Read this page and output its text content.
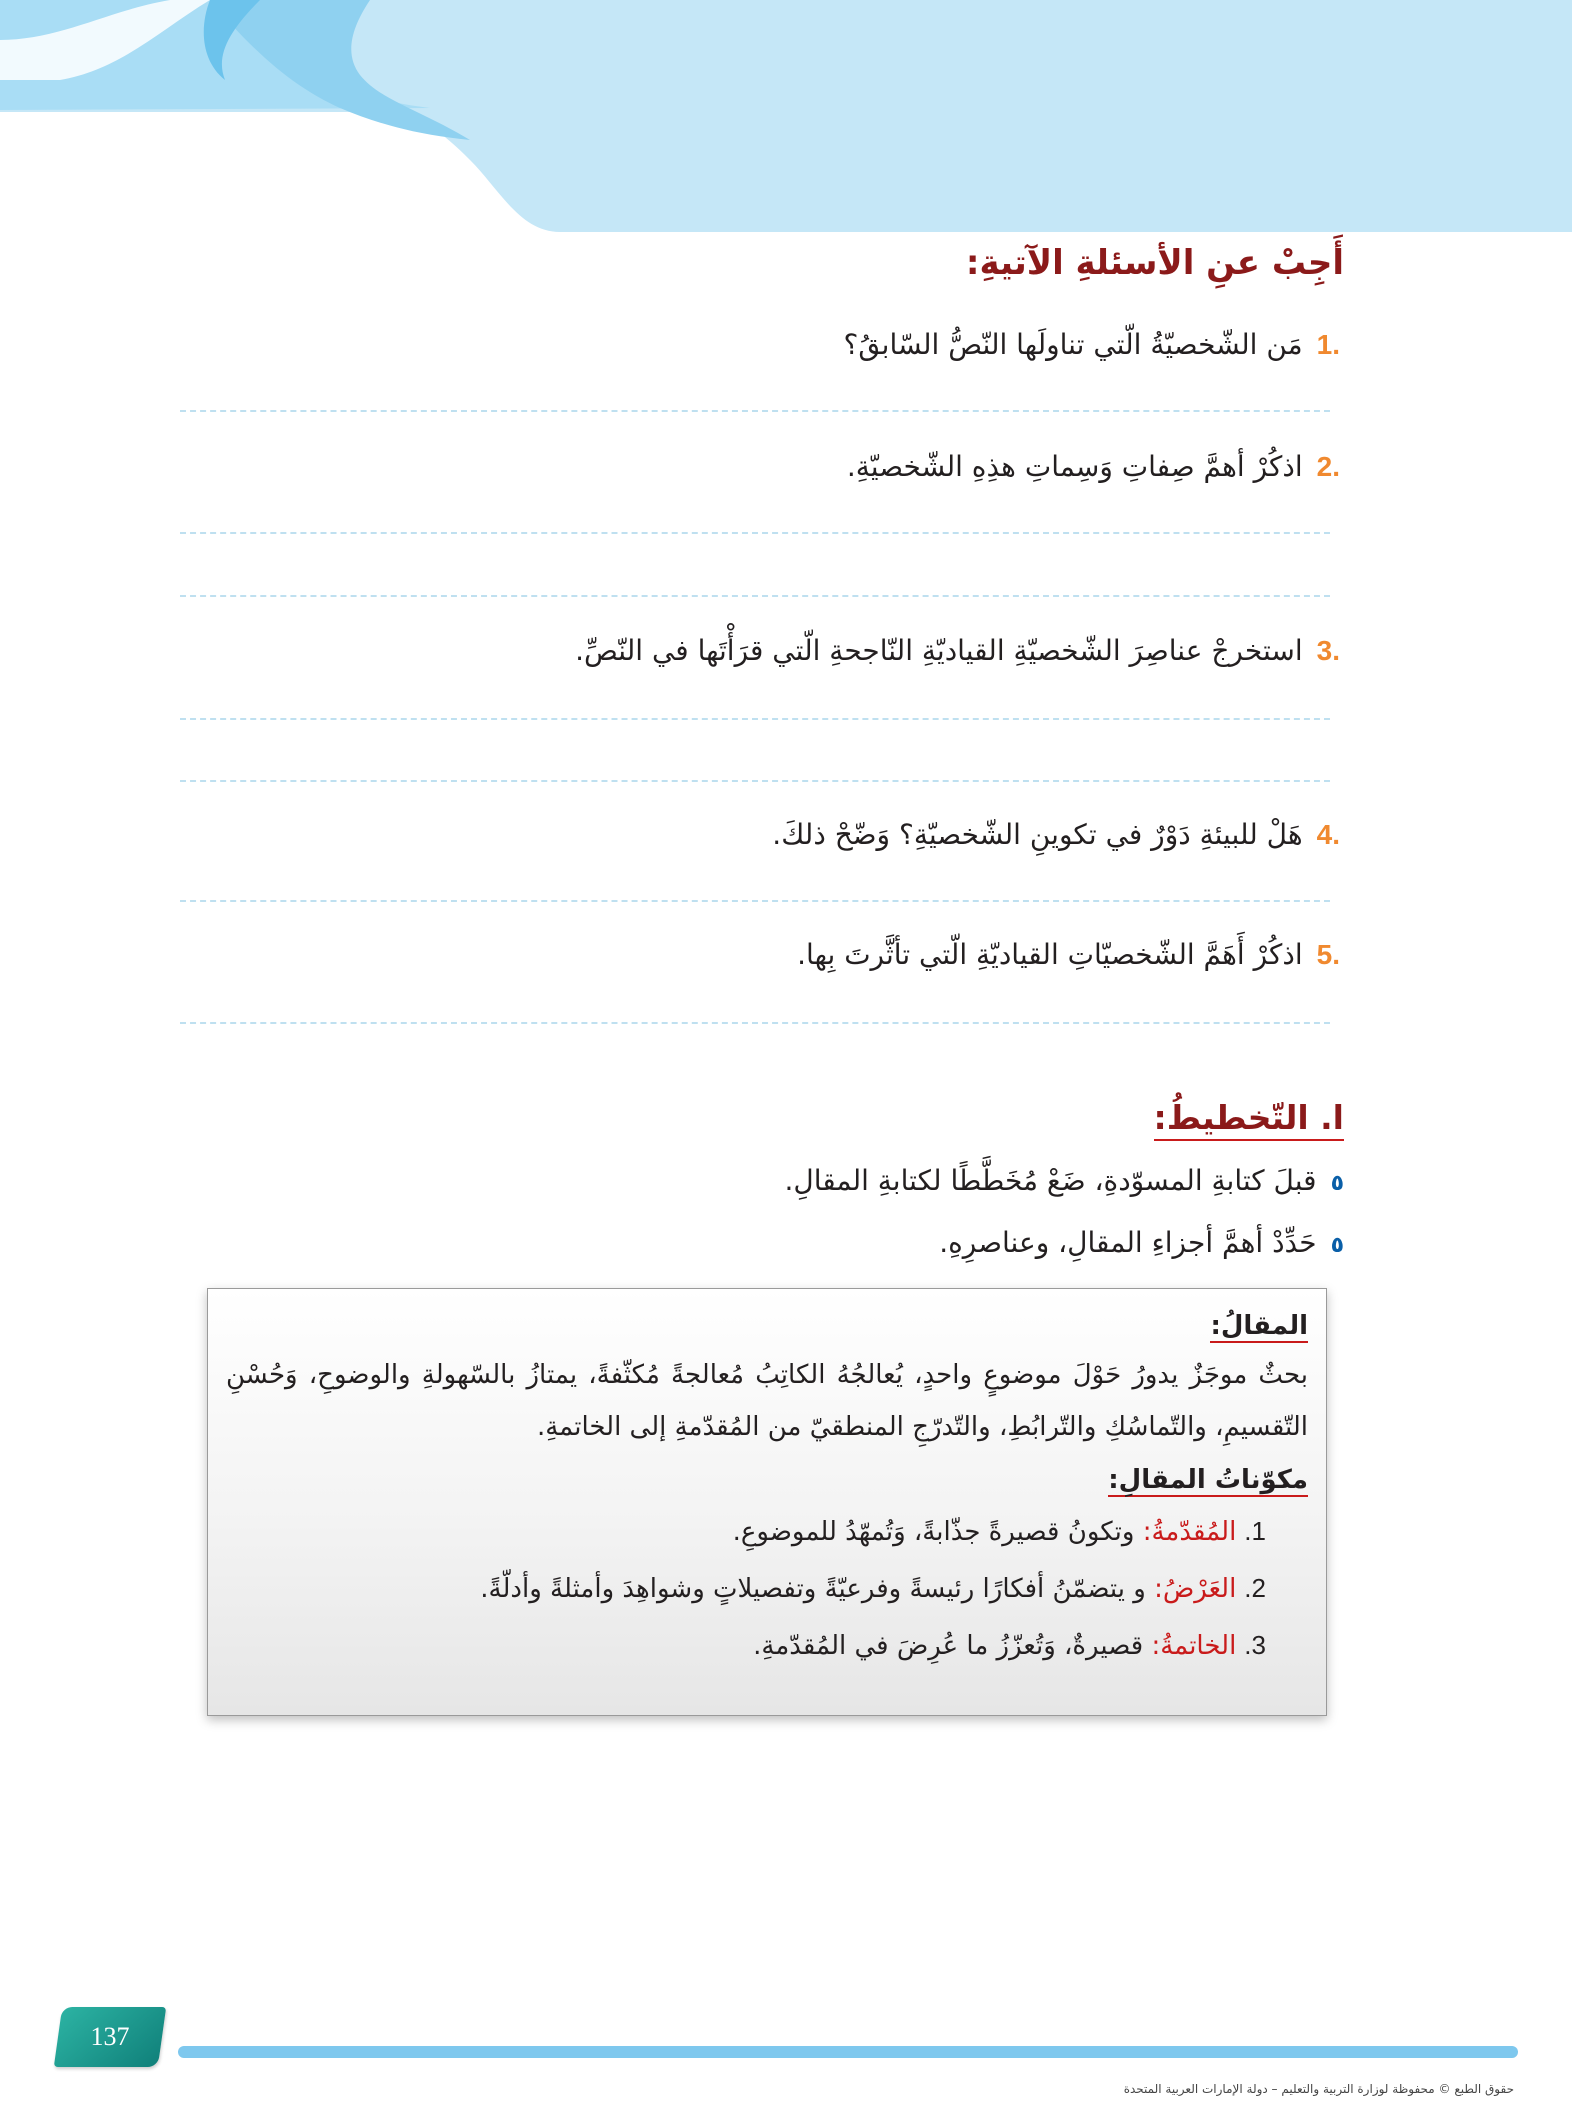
أَجِبْ عنِ الأسئلةِ الآتيةِ:
.1مَن الشّخصيّةُ الّتي تناولَها النّصُّ السّابقُ؟
.2اذكُرْ أهمَّ صِفاتِ وَسِماتِ هذِهِ الشّخصيّةِ.
.3استخرجْ عناصِرَ الشّخصيّةِ القياديّةِ النّاجحةِ الّتي قرَأْتَها في النّصِّ.
.4هَلْ للبيئةِ دَوْرٌ في تكوينِ الشّخصيّةِ؟ وَضّحْ ذلكَ.
.5اذكُرْ أَهَمَّ الشّخصيّاتِ القياديّةِ الّتي تأثَّرتَ بِها.
ا. التّخطيطُ:
٥قبلَ كتابةِ المسوّدةِ، ضَعْ مُخَطَّطًا لكتابةِ المقالِ.
٥حَدِّدْ أهمَّ أجزاءِ المقالِ، وعناصرِهِ.
المقالُ:

بحثٌ موجَزٌ يدورُ حَوْلَ موضوعٍ واحدٍ، يُعالجُهُ الكاتِبُ مُعالجةً مُكثّفةً، يمتازُ بالسّهولةِ والوضوحِ، وَحُسْنِ التّقسيمِ، والتّماسُكِ والتّرابُطِ، والتّدرّجِ المنطقيّ من المُقدّمةِ إلى الخاتمةِ.

مكوّناتُ المقالِ:
1.المُقدّمةُ: وتكونُ قصيرةً جذّابةً، وَتُمهّدُ للموضوعِ.
2.العَرْضُ: و يتضمّنُ أفكارًا رئيسةً وفرعيّةً وتفصيلاتٍ وشواهِدَ وأمثلةً وأدلّةً.
3.الخاتمةُ: قصيرةٌ، وَتُعزّزُ ما عُرِضَ في المُقدّمةِ.
137
حقوق الطبع © محفوظة لوزارة التربية والتعليم – دولة الإمارات العربية المتحدة
